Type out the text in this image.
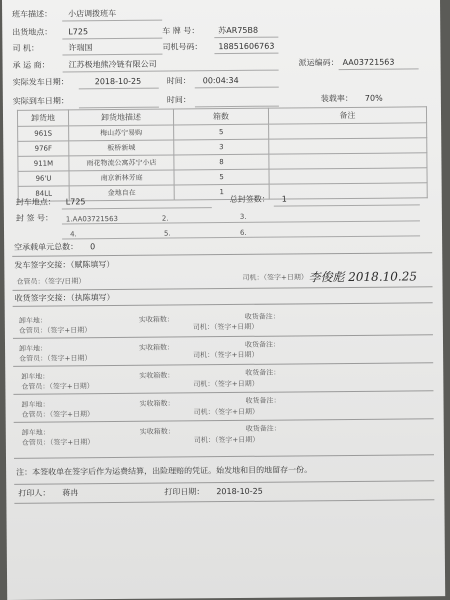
班车描述： 小店调拨班车
出货地点： L725	车 牌 号： 苏AR75B8
司 机：	许瑞国	司机号码： 18851606763
承 运 商： 江苏极地熊冷链有限公司	派运编码： AA03721563
实际发车日期：	2018-10-25	时间： 00:04:34
实际到车日期：	时间：	装载率： 70%
卸货地	卸货地描述	箱数	备注
961S	梅山苏宁易购	5	
976F	板桥新城	3	
911M	雨花物流公寓苏宁小店	8	
96'U	南京新林芳庭	5	
84LL	金地自在	1	
封车地点： L725	总封签数： 1
封 签 号： 1.AA03721563	2.	3.
4.	5.	6.
空承载单元总数： 0
发车签字交接：（赋陈填写）
仓管员：（签字/日期）	司机：（签字+日期） 李俊彪 2018.10.25
收货签字交接：（执陈填写）
卸车地：	实收箱数：	收货备注：
仓管员：（签字+日期）	司机：（签字+日期）
卸车地：	实收箱数：	收货备注：
仓管员：（签字+日期）	司机：（签字+日期）
卸车地：	实收箱数：	收货备注：
仓管员：（签字+日期）	司机：（签字+日期）
卸车地：	实收箱数：	收货备注：
仓管员：（签字+日期）	司机：（签字+日期）
卸车地：	实收箱数：	收货备注：
仓管员：（签字+日期）	司机：（签字+日期）
注：本签收单在签字后作为运费结算，出险理赔的凭证。始发地和目的地留存一份。
打印人： 蒋冉	打印日期： 2018-10-25
